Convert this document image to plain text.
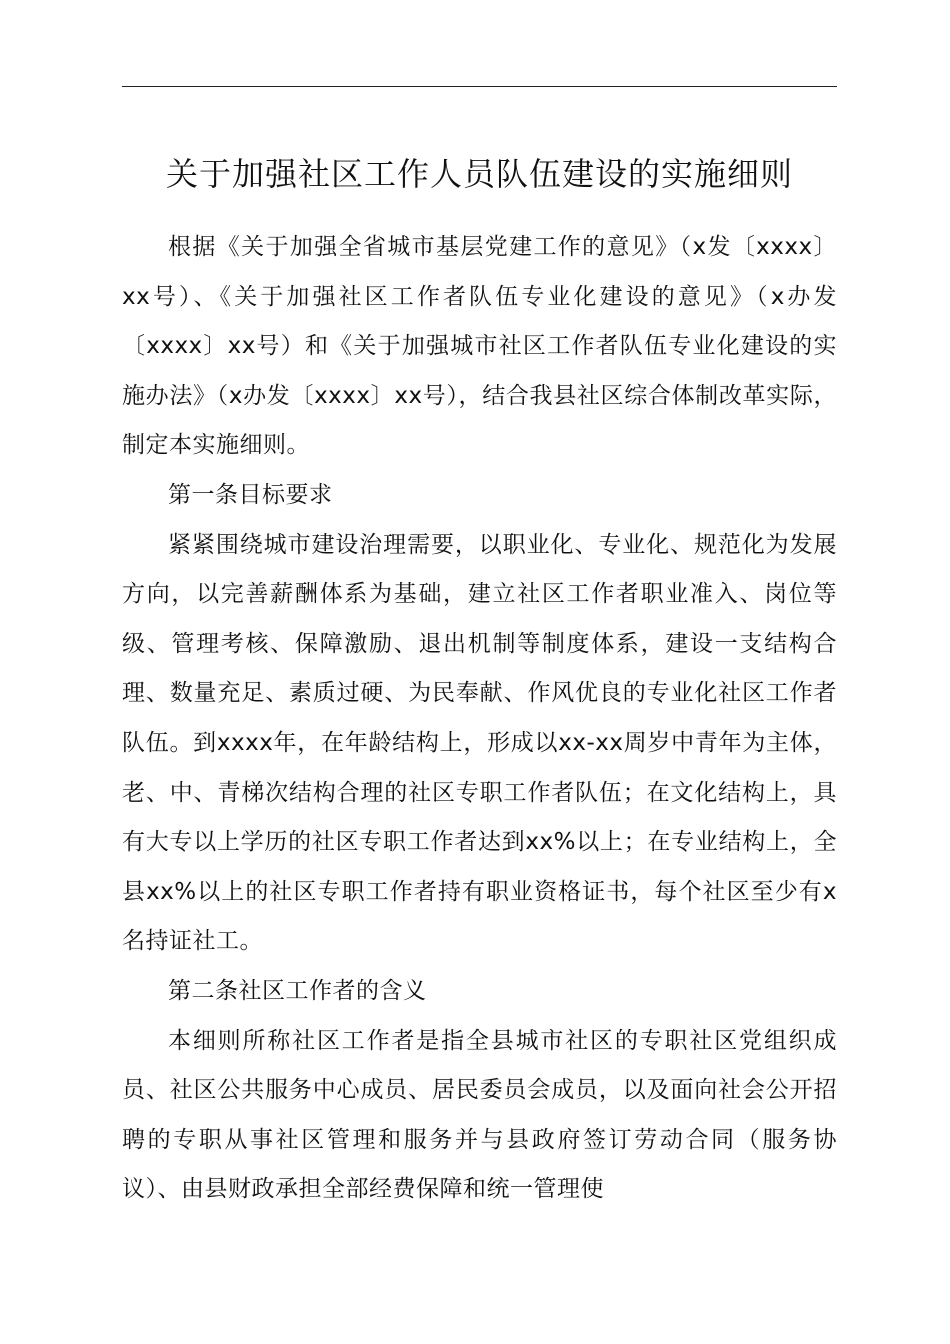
关于加强社区工作人员队伍建设的实施细则

根据《关于加强全省城市基层党建工作的意见》（x发〔xxxx〕xx号）、《关于加强社区工作者队伍专业化建设的意见》（x办发〔xxxx〕xx号）和《关于加强城市社区工作者队伍专业化建设的实施办法》（x办发〔xxxx〕xx号），结合我县社区综合体制改革实际，制定本实施细则。

第一条目标要求

紧紧围绕城市建设治理需要，以职业化、专业化、规范化为发展方向，以完善薪酬体系为基础，建立社区工作者职业准入、岗位等级、管理考核、保障激励、退出机制等制度体系，建设一支结构合理、数量充足、素质过硬、为民奉献、作风优良的专业化社区工作者队伍。到xxxx年，在年龄结构上，形成以xx-xx周岁中青年为主体，老、中、青梯次结构合理的社区专职工作者队伍；在文化结构上，具有大专以上学历的社区专职工作者达到xx%以上；在专业结构上，全县xx%以上的社区专职工作者持有职业资格证书，每个社区至少有x名持证社工。

第二条社区工作者的含义

本细则所称社区工作者是指全县城市社区的专职社区党组织成员、社区公共服务中心成员、居民委员会成员，以及面向社会公开招聘的专职从事社区管理和服务并与县政府签订劳动合同（服务协议）、由县财政承担全部经费保障和统一管理使
